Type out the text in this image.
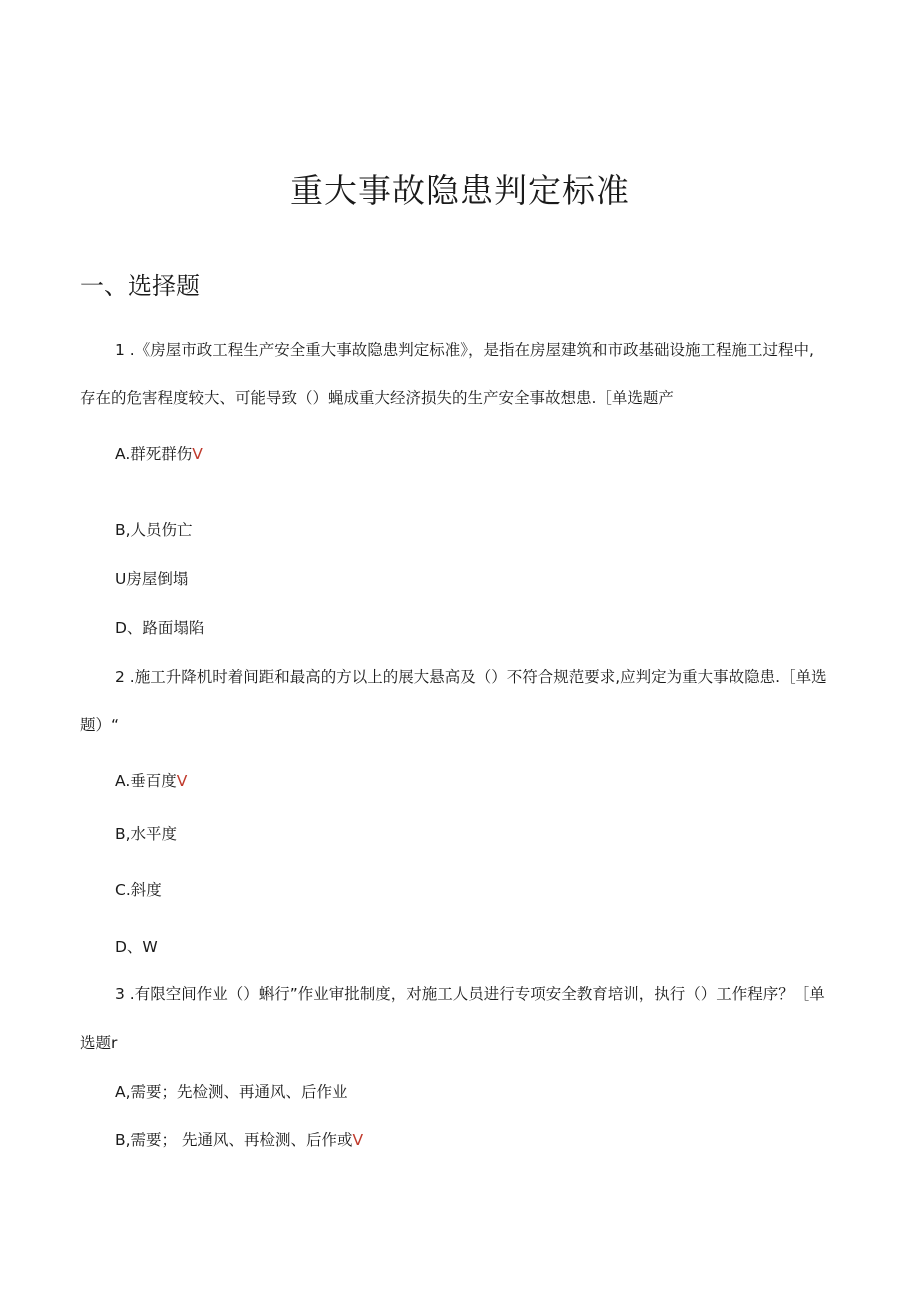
重大事故隐患判定标准
一、选择题
1 .《房屋市政工程生产安全重大事故隐患判定标准》，是指在房屋建筑和市政基础设施工程施工过程中,
存在的危害程度较大、可能导致（）蝇成重大经济损失的生产安全事故想患.［单选题产
A.群死群伤V
B,人员伤亡
U房屋倒塌
D、路面塌陷
2 .施工升降机时着间距和最高的方以上的展大悬高及（）不符合规范要求,应判定为重大事故隐患.［单选
题）“
A.垂百度V
B,水平度
C.斜度
D、W
3 .有限空间作业（）蝌行”作业审批制度，对施工人员进行专项安全教育培训，执行（）工作程序？［单
选题r
A,需要；先检测、再通风、后作业
B,需要； 先通风、再检测、后作或V
